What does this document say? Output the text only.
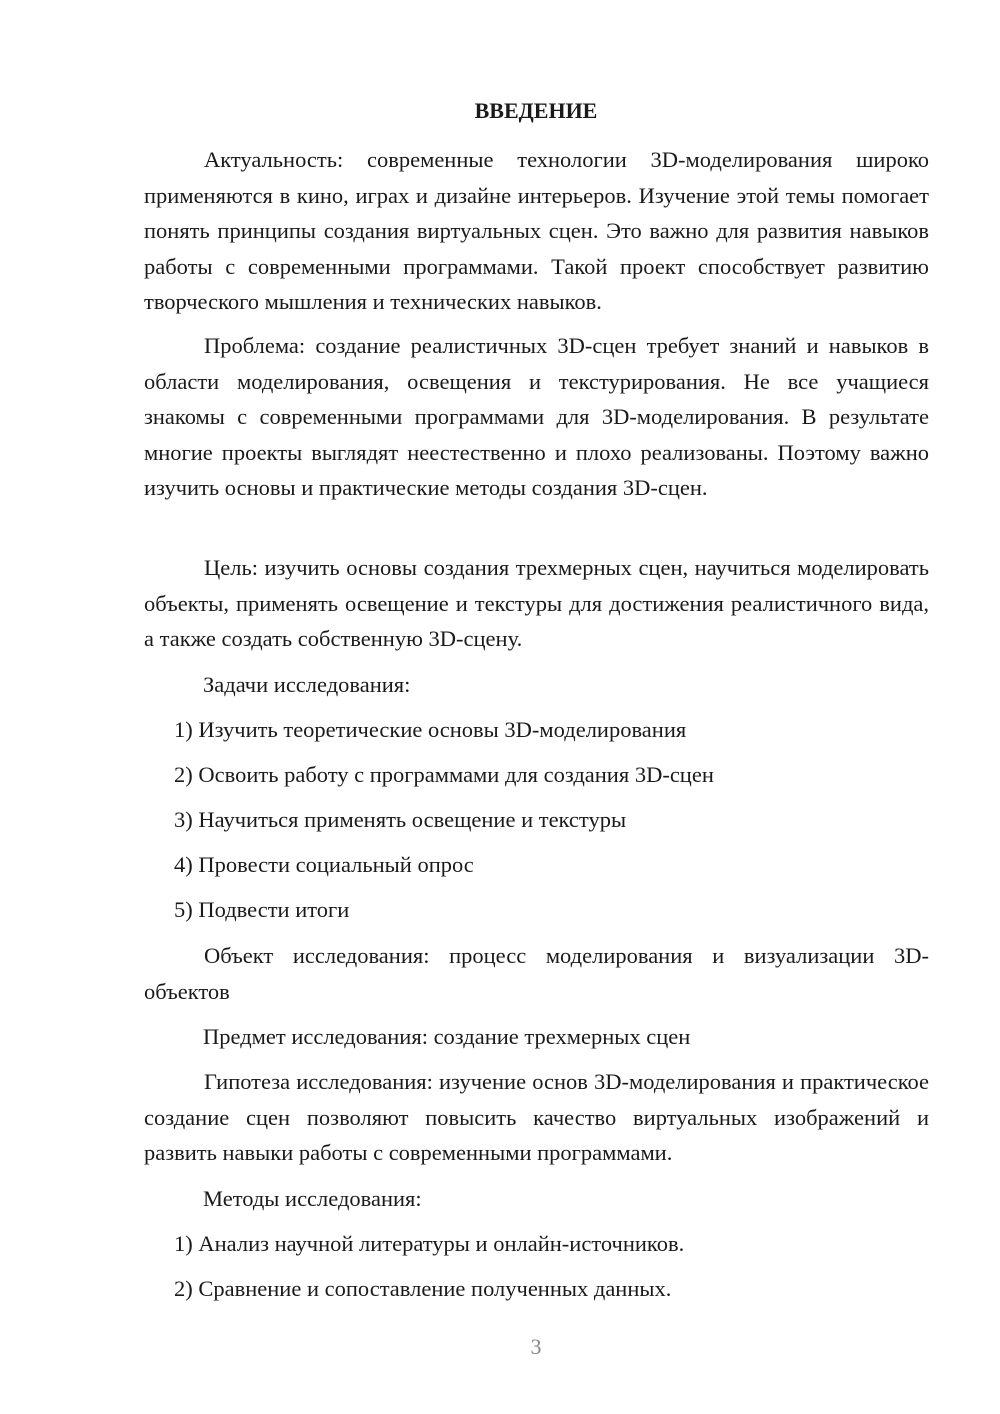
ВВЕДЕНИЕ

Актуальность: современные технологии 3D-моделирования широко применяются в кино, играх и дизайне интерьеров. Изучение этой темы помогает понять принципы создания виртуальных сцен. Это важно для развития навыков работы с современными программами. Такой проект способствует развитию творческого мышления и технических навыков.

Проблема: создание реалистичных 3D-сцен требует знаний и навыков в области моделирования, освещения и текстурирования. Не все учащиеся знакомы с современными программами для 3D-моделирования. В результате многие проекты выглядят неестественно и плохо реализованы. Поэтому важно изучить основы и практические методы создания 3D-сцен.

Цель: изучить основы создания трехмерных сцен, научиться моделировать объекты, применять освещение и текстуры для достижения реалистичного вида, а также создать собственную 3D-сцену.

Задачи исследования:

1) Изучить теоретические основы 3D-моделирования

2) Освоить работу с программами для создания 3D-сцен

3) Научиться применять освещение и текстуры

4) Провести социальный опрос

5) Подвести итоги

Объект исследования: процесс моделирования и визуализации 3D-объектов

Предмет исследования: создание трехмерных сцен

Гипотеза исследования: изучение основ 3D-моделирования и практическое создание сцен позволяют повысить качество виртуальных изображений и развить навыки работы с современными программами.

Методы исследования:

1) Анализ научной литературы и онлайн-источников.

2) Сравнение и сопоставление полученных данных.

3
